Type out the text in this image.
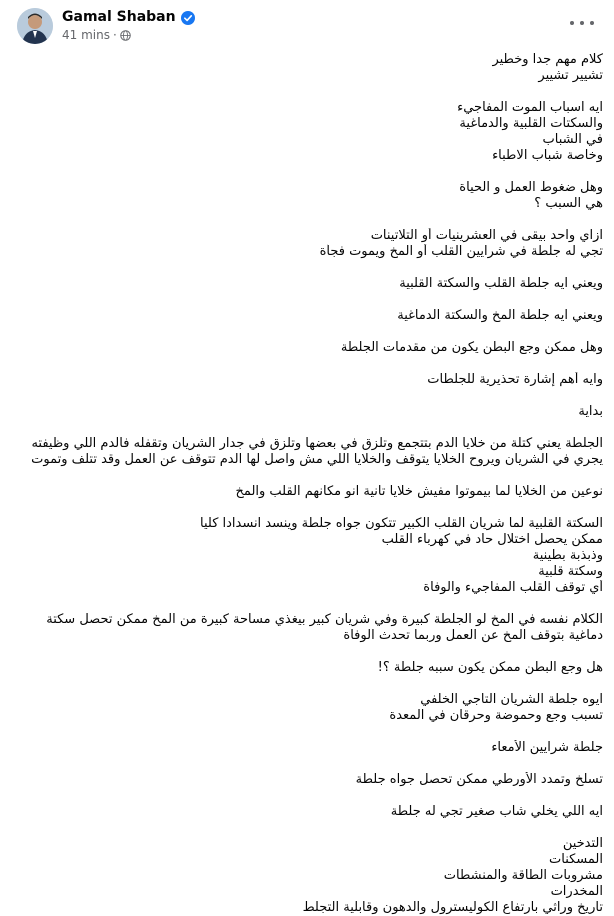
Gamal Shaban
41 mins ·
كلام مهم جدا وخطير
تشيير تشيير

ايه اسباب الموت المفاجيء
والسكتات القلبية والدماغية
في الشباب
وخاصة شباب الاطباء

وهل ضغوط العمل و الحياة
هي السبب ؟

ازاي واحد بيقى في العشرينيات أو التلاتينات
تجي له جلطة في شرايين القلب أو المخ ويموت فجأة

ويعني ايه جلطة القلب والسكتة القلبية

ويعني ايه جلطة المخ والسكتة الدماغية

وهل ممكن وجع البطن يكون من مقدمات الجلطة

وايه أهم إشارة تحذيرية للجلطات

بداية

الجلطة يعني كتلة من خلايا الدم بتتجمع وتلزق في بعضها وتلزق في جدار الشريان وتقفله فالدم اللي وظيفته يجري في الشريان ويروح الخلايا يتوقف والخلايا اللي مش واصل لها الدم تتوقف عن العمل وقد تتلف وتموت

نوعين من الخلايا لما بيموتوا مفيش خلايا تانية انو مكانهم القلب والمخ

السكتة القلبية لما شريان القلب الكبير تتكون جواه جلطة وينسد انسدادا كليا
ممكن يحصل اختلال حاد في كهرباء القلب
وذبذبة بطينية
وسكتة قلبية
أي توقف القلب المفاجيء والوفاة

الكلام نفسه في المخ لو الجلطة كبيرة وفي شريان كبير بيغذي مساحة كبيرة من المخ ممكن تحصل سكتة دماغية بتوقف المخ عن العمل وربما تحدث الوفاة

هل وجع البطن ممكن يكون سببه جلطة ؟!

ايوه جلطة الشريان التاجي الخلفي
تسبب وجع وحموضة وحرقان في المعدة

جلطة شرايين الأمعاء

تسلخ وتمدد الأورطي ممكن تحصل جواه جلطة

ايه اللي يخلي شاب صغير تجي له جلطة

التدخين
المسكنات
مشروبات الطاقة والمنشطات
المخدرات
تاريخ وراثي بارتفاع الكوليسترول والدهون وقابلية التجلط
